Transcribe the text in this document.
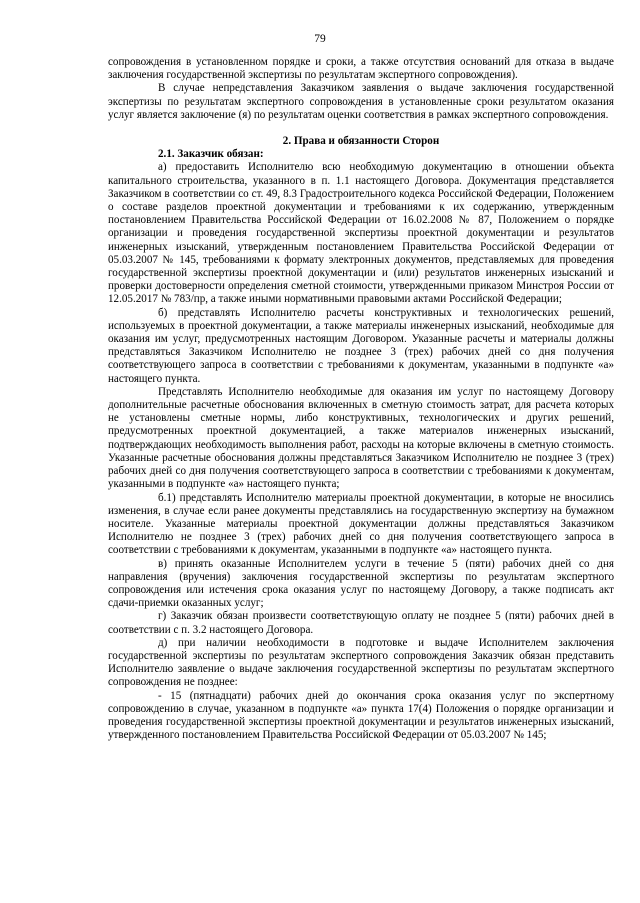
79

сопровождения в установленном порядке и сроки, а также отсутствия оснований для отказа в выдаче заключения государственной экспертизы по результатам экспертного сопровождения).

В случае непредставления Заказчиком заявления о выдаче заключения государственной экспертизы по результатам экспертного сопровождения в установленные сроки результатом оказания услуг является заключение (я) по результатам оценки соответствия в рамках экспертного сопровождения.

2. Права и обязанности Сторон

2.1. Заказчик обязан:

а) предоставить Исполнителю всю необходимую документацию в отношении объекта капитального строительства, указанного в п. 1.1 настоящего Договора. Документация представляется Заказчиком в соответствии со ст. 49, 8.3 Градостроительного кодекса Российской Федерации, Положением о составе разделов проектной документации и требованиями к их содержанию, утвержденным постановлением Правительства Российской Федерации от 16.02.2008 № 87, Положением о порядке организации и проведения государственной экспертизы проектной документации и результатов инженерных изысканий, утвержденным постановлением Правительства Российской Федерации от 05.03.2007 № 145, требованиями к формату электронных документов, представляемых для проведения государственной экспертизы проектной документации и (или) результатов инженерных изысканий и проверки достоверности определения сметной стоимости, утвержденными приказом Минстроя России от 12.05.2017 № 783/пр, а также иными нормативными правовыми актами Российской Федерации;

б) представлять Исполнителю расчеты конструктивных и технологических решений, используемых в проектной документации, а также материалы инженерных изысканий, необходимые для оказания им услуг, предусмотренных настоящим Договором. Указанные расчеты и материалы должны представляться Заказчиком Исполнителю не позднее 3 (трех) рабочих дней со дня получения соответствующего запроса в соответствии с требованиями к документам, указанными в подпункте «а» настоящего пункта.

Представлять Исполнителю необходимые для оказания им услуг по настоящему Договору дополнительные расчетные обоснования включенных в сметную стоимость затрат, для расчета которых не установлены сметные нормы, либо конструктивных, технологических и других решений, предусмотренных проектной документацией, а также материалов инженерных изысканий, подтверждающих необходимость выполнения работ, расходы на которые включены в сметную стоимость. Указанные расчетные обоснования должны представляться Заказчиком Исполнителю не позднее 3 (трех) рабочих дней со дня получения соответствующего запроса в соответствии с требованиями к документам, указанными в подпункте «а» настоящего пункта;

б.1) представлять Исполнителю материалы проектной документации, в которые не вносились изменения, в случае если ранее документы представлялись на государственную экспертизу на бумажном носителе. Указанные материалы проектной документации должны представляться Заказчиком Исполнителю не позднее 3 (трех) рабочих дней со дня получения соответствующего запроса в соответствии с требованиями к документам, указанными в подпункте «а» настоящего пункта.

в) принять оказанные Исполнителем услуги в течение 5 (пяти) рабочих дней со дня направления (вручения) заключения государственной экспертизы по результатам экспертного сопровождения или истечения срока оказания услуг по настоящему Договору, а также подписать акт сдачи-приемки оказанных услуг;

г) Заказчик обязан произвести соответствующую оплату не позднее 5 (пяти) рабочих дней в соответствии с п. 3.2 настоящего Договора.

д) при наличии необходимости в подготовке и выдаче Исполнителем заключения государственной экспертизы по результатам экспертного сопровождения Заказчик обязан представить Исполнителю заявление о выдаче заключения государственной экспертизы по результатам экспертного сопровождения не позднее:

- 15 (пятнадцати) рабочих дней до окончания срока оказания услуг по экспертному сопровождению в случае, указанном в подпункте «а» пункта 17(4) Положения о порядке организации и проведения государственной экспертизы проектной документации и результатов инженерных изысканий, утвержденного постановлением Правительства Российской Федерации от 05.03.2007 № 145;
